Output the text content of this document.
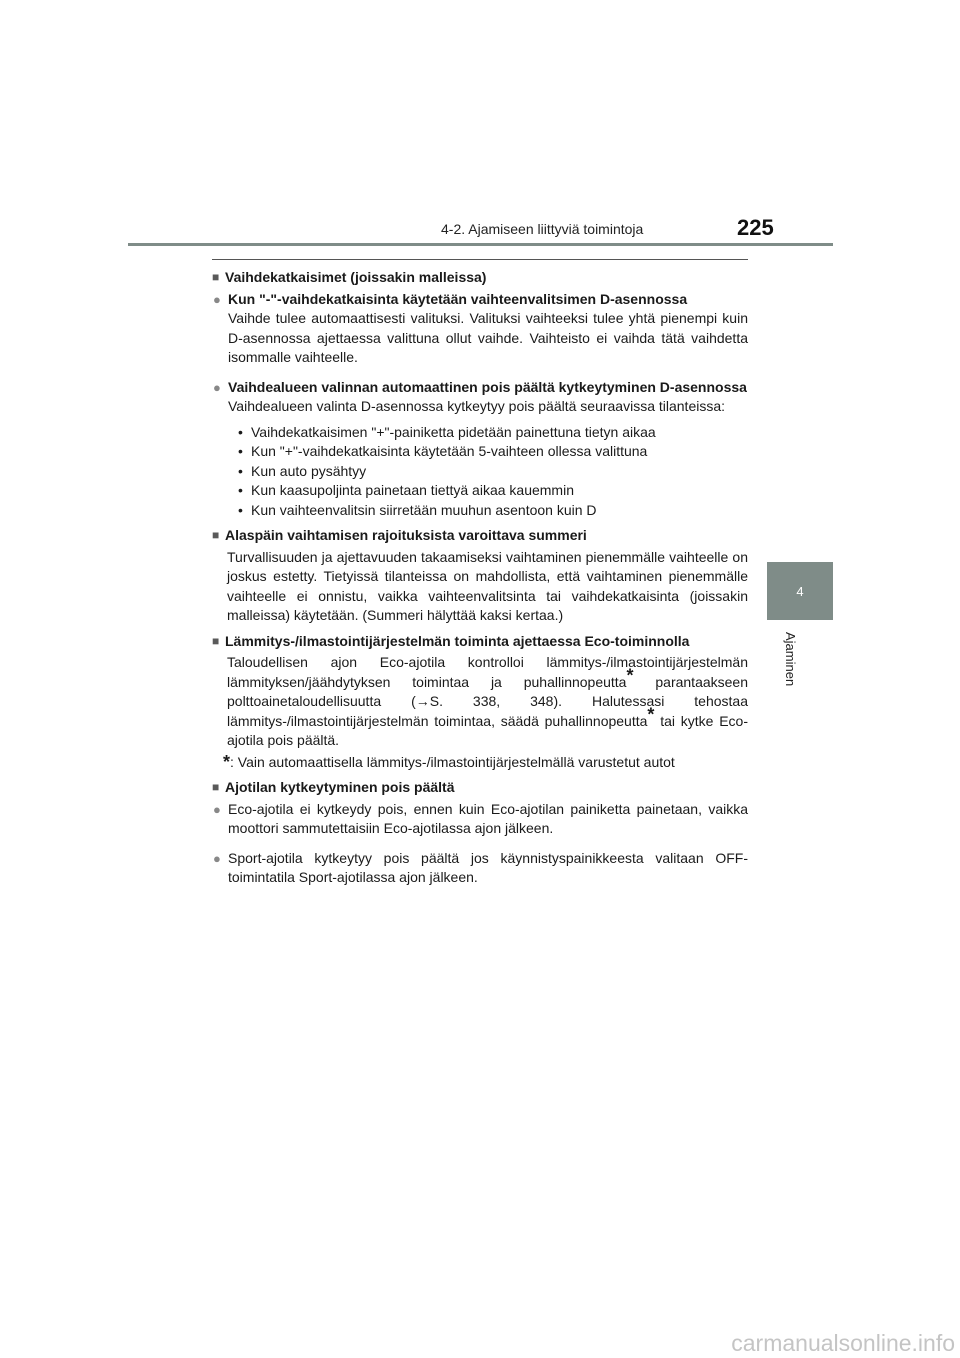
4-2. Ajamiseen liittyviä toimintoja	225
4
Ajaminen
■ Vaihdekatkaisimet (joissakin malleissa)
● Kun "-"-vaihdekatkaisinta käytetään vaihteenvalitsimen D-asennossa
Vaihde tulee automaattisesti valituksi. Valituksi vaihteeksi tulee yhtä pienempi kuin D-asennossa ajettaessa valittuna ollut vaihde. Vaihteisto ei vaihda tätä vaihdetta isommalle vaihteelle.
● Vaihdealueen valinnan automaattinen pois päältä kytkeytyminen D-asennossa
Vaihdealueen valinta D-asennossa kytkeytyy pois päältä seuraavissa tilanteissa:
• Vaihdekatkaisimen "+"-painiketta pidetään painettuna tietyn aikaa
• Kun "+"-vaihdekatkaisinta käytetään 5-vaihteen ollessa valittuna
• Kun auto pysähtyy
• Kun kaasupoljinta painetaan tiettyä aikaa kauemmin
• Kun vaihteenvalitsin siirretään muuhun asentoon kuin D
■ Alaspäin vaihtamisen rajoituksista varoittava summeri
Turvallisuuden ja ajettavuuden takaamiseksi vaihtaminen pienemmälle vaihteelle on joskus estetty. Tietyissä tilanteissa on mahdollista, että vaihtaminen pienemmälle vaihteelle ei onnistu, vaikka vaihteenvalitsinta tai vaihdekatkaisinta (joissakin malleissa) käytetään. (Summeri hälyttää kaksi kertaa.)
■ Lämmitys-/ilmastointijärjestelmän toiminta ajettaessa Eco-toiminnolla
Taloudellisen ajon Eco-ajotila kontrolloi lämmitys-/ilmastointijärjestelmän lämmityksen/jäähdytyksen toimintaa ja puhallinnopeutta* parantaakseen polttoainetaloudellisuutta (→S. 338, 348). Halutessasi tehostaa lämmitys-/ilmastointijärjestelmän toimintaa, säädä puhallinnopeutta* tai kytke Eco-ajotila pois päältä.
* : Vain automaattisella lämmitys-/ilmastointijärjestelmällä varustetut autot
■ Ajotilan kytkeytyminen pois päältä
● Eco-ajotila ei kytkeydy pois, ennen kuin Eco-ajotilan painiketta painetaan, vaikka moottori sammutettaisiin Eco-ajotilassa ajon jälkeen.
● Sport-ajotila kytkeytyy pois päältä jos käynnistyspainikkeesta valitaan OFF-toimintatila Sport-ajotilassa ajon jälkeen.
carmanualsonline.info
